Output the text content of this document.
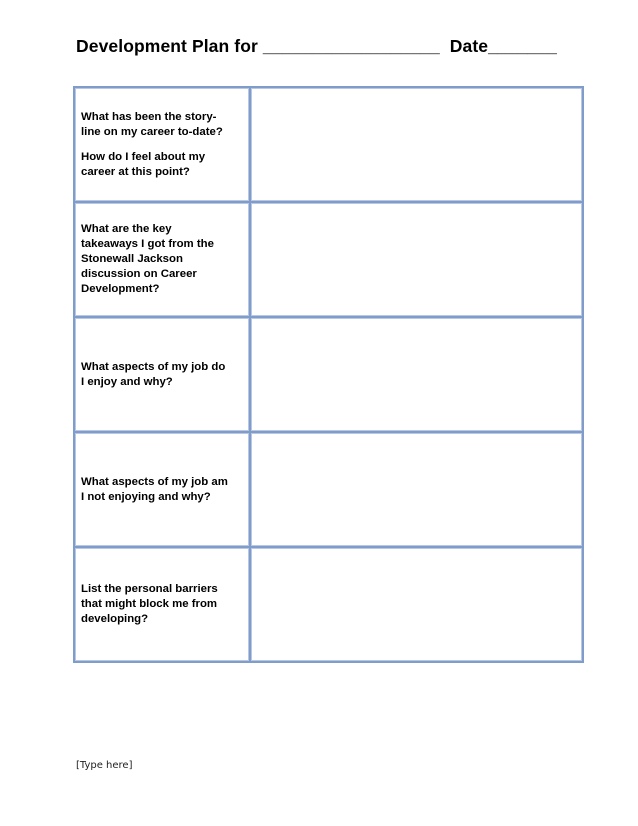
Development Plan for __________________  Date_______
What has been the story-
line on my career to-date?
How do I feel about my
career at this point?	

What are the key
takeaways I got from the
Stonewall Jackson
discussion on Career
Development?	

What aspects of my job do
I enjoy and why?	

What aspects of my job am
I not enjoying and why?	

List the personal barriers
that might block me from
developing?	

[Type here]
